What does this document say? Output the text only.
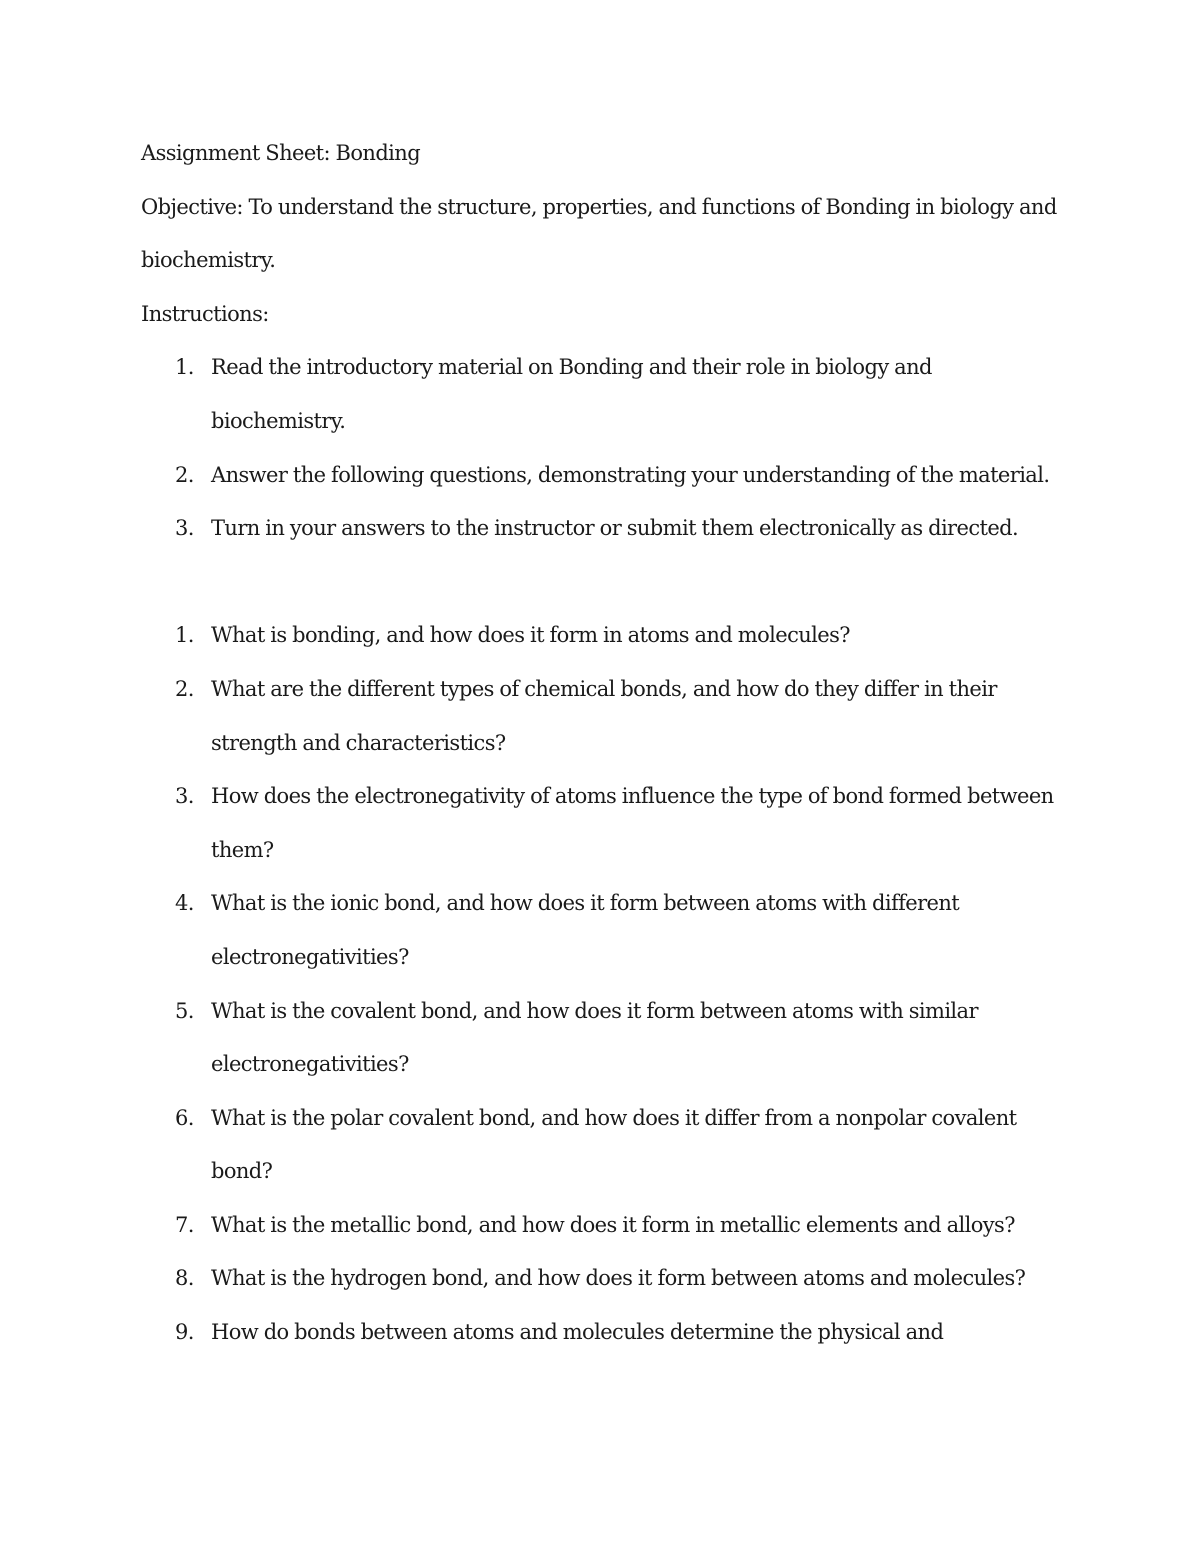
Assignment Sheet: Bonding

Objective: To understand the structure, properties, and functions of Bonding in biology and biochemistry.

Instructions:

1. Read the introductory material on Bonding and their role in biology and biochemistry.
2. Answer the following questions, demonstrating your understanding of the material.
3. Turn in your answers to the instructor or submit them electronically as directed.
1. What is bonding, and how does it form in atoms and molecules?
2. What are the different types of chemical bonds, and how do they differ in their strength and characteristics?
3. How does the electronegativity of atoms influence the type of bond formed between them?
4. What is the ionic bond, and how does it form between atoms with different electronegativities?
5. What is the covalent bond, and how does it form between atoms with similar electronegativities?
6. What is the polar covalent bond, and how does it differ from a nonpolar covalent bond?
7. What is the metallic bond, and how does it form in metallic elements and alloys?
8. What is the hydrogen bond, and how does it form between atoms and molecules?
9. How do bonds between atoms and molecules determine the physical and
